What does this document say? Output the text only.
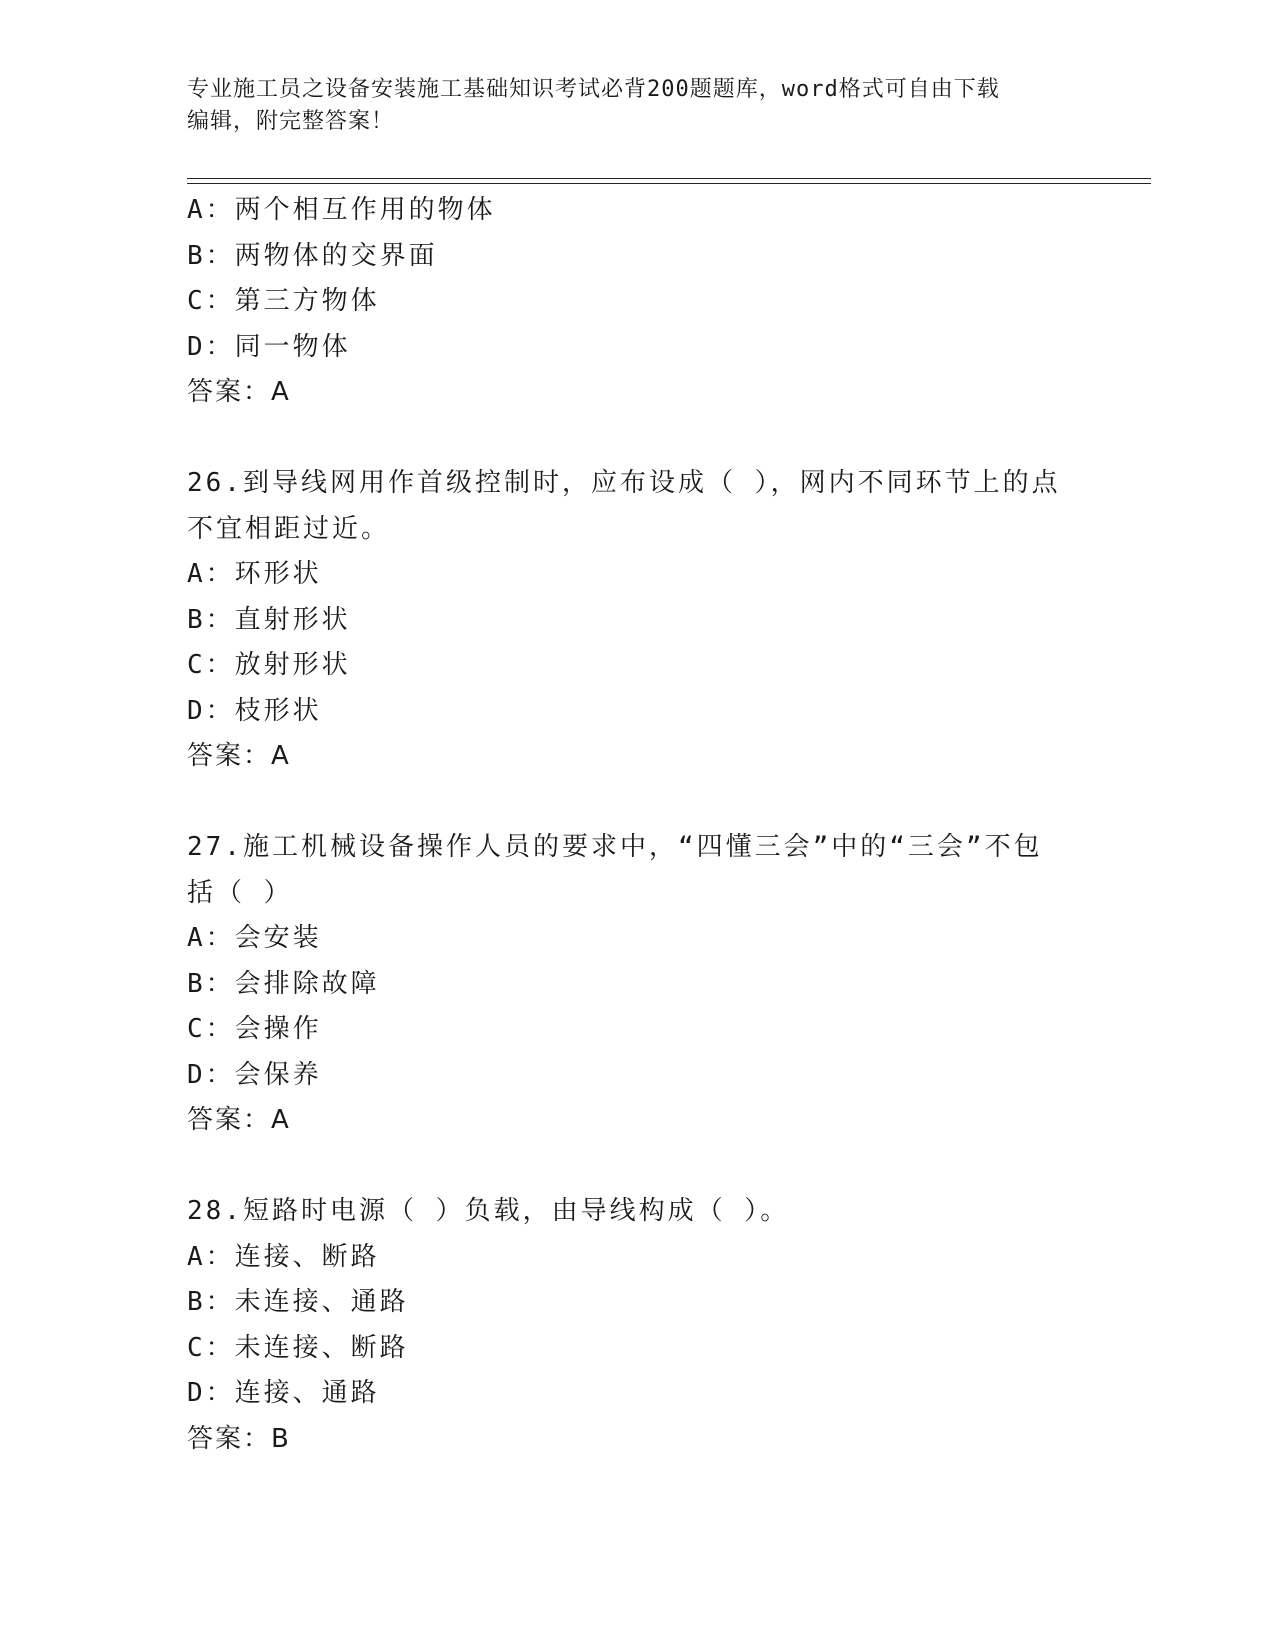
专业施工员之设备安装施工基础知识考试必背200题题库，word格式可自由下载
编辑，附完整答案！
A：两个相互作用的物体
B：两物体的交界面
C：第三方物体
D：同一物体
答案：A
26.到导线网用作首级控制时，应布设成（ ），网内不同环节上的点
不宜相距过近。
A：环形状
B：直射形状
C：放射形状
D：枝形状
答案：A
27.施工机械设备操作人员的要求中，“四懂三会”中的“三会”不包
括（ ）
A：会安装
B：会排除故障
C：会操作
D：会保养
答案：A
28.短路时电源（ ）负载，由导线构成（ ）。
A：连接、断路
B：未连接、通路
C：未连接、断路
D：连接、通路
答案：B
